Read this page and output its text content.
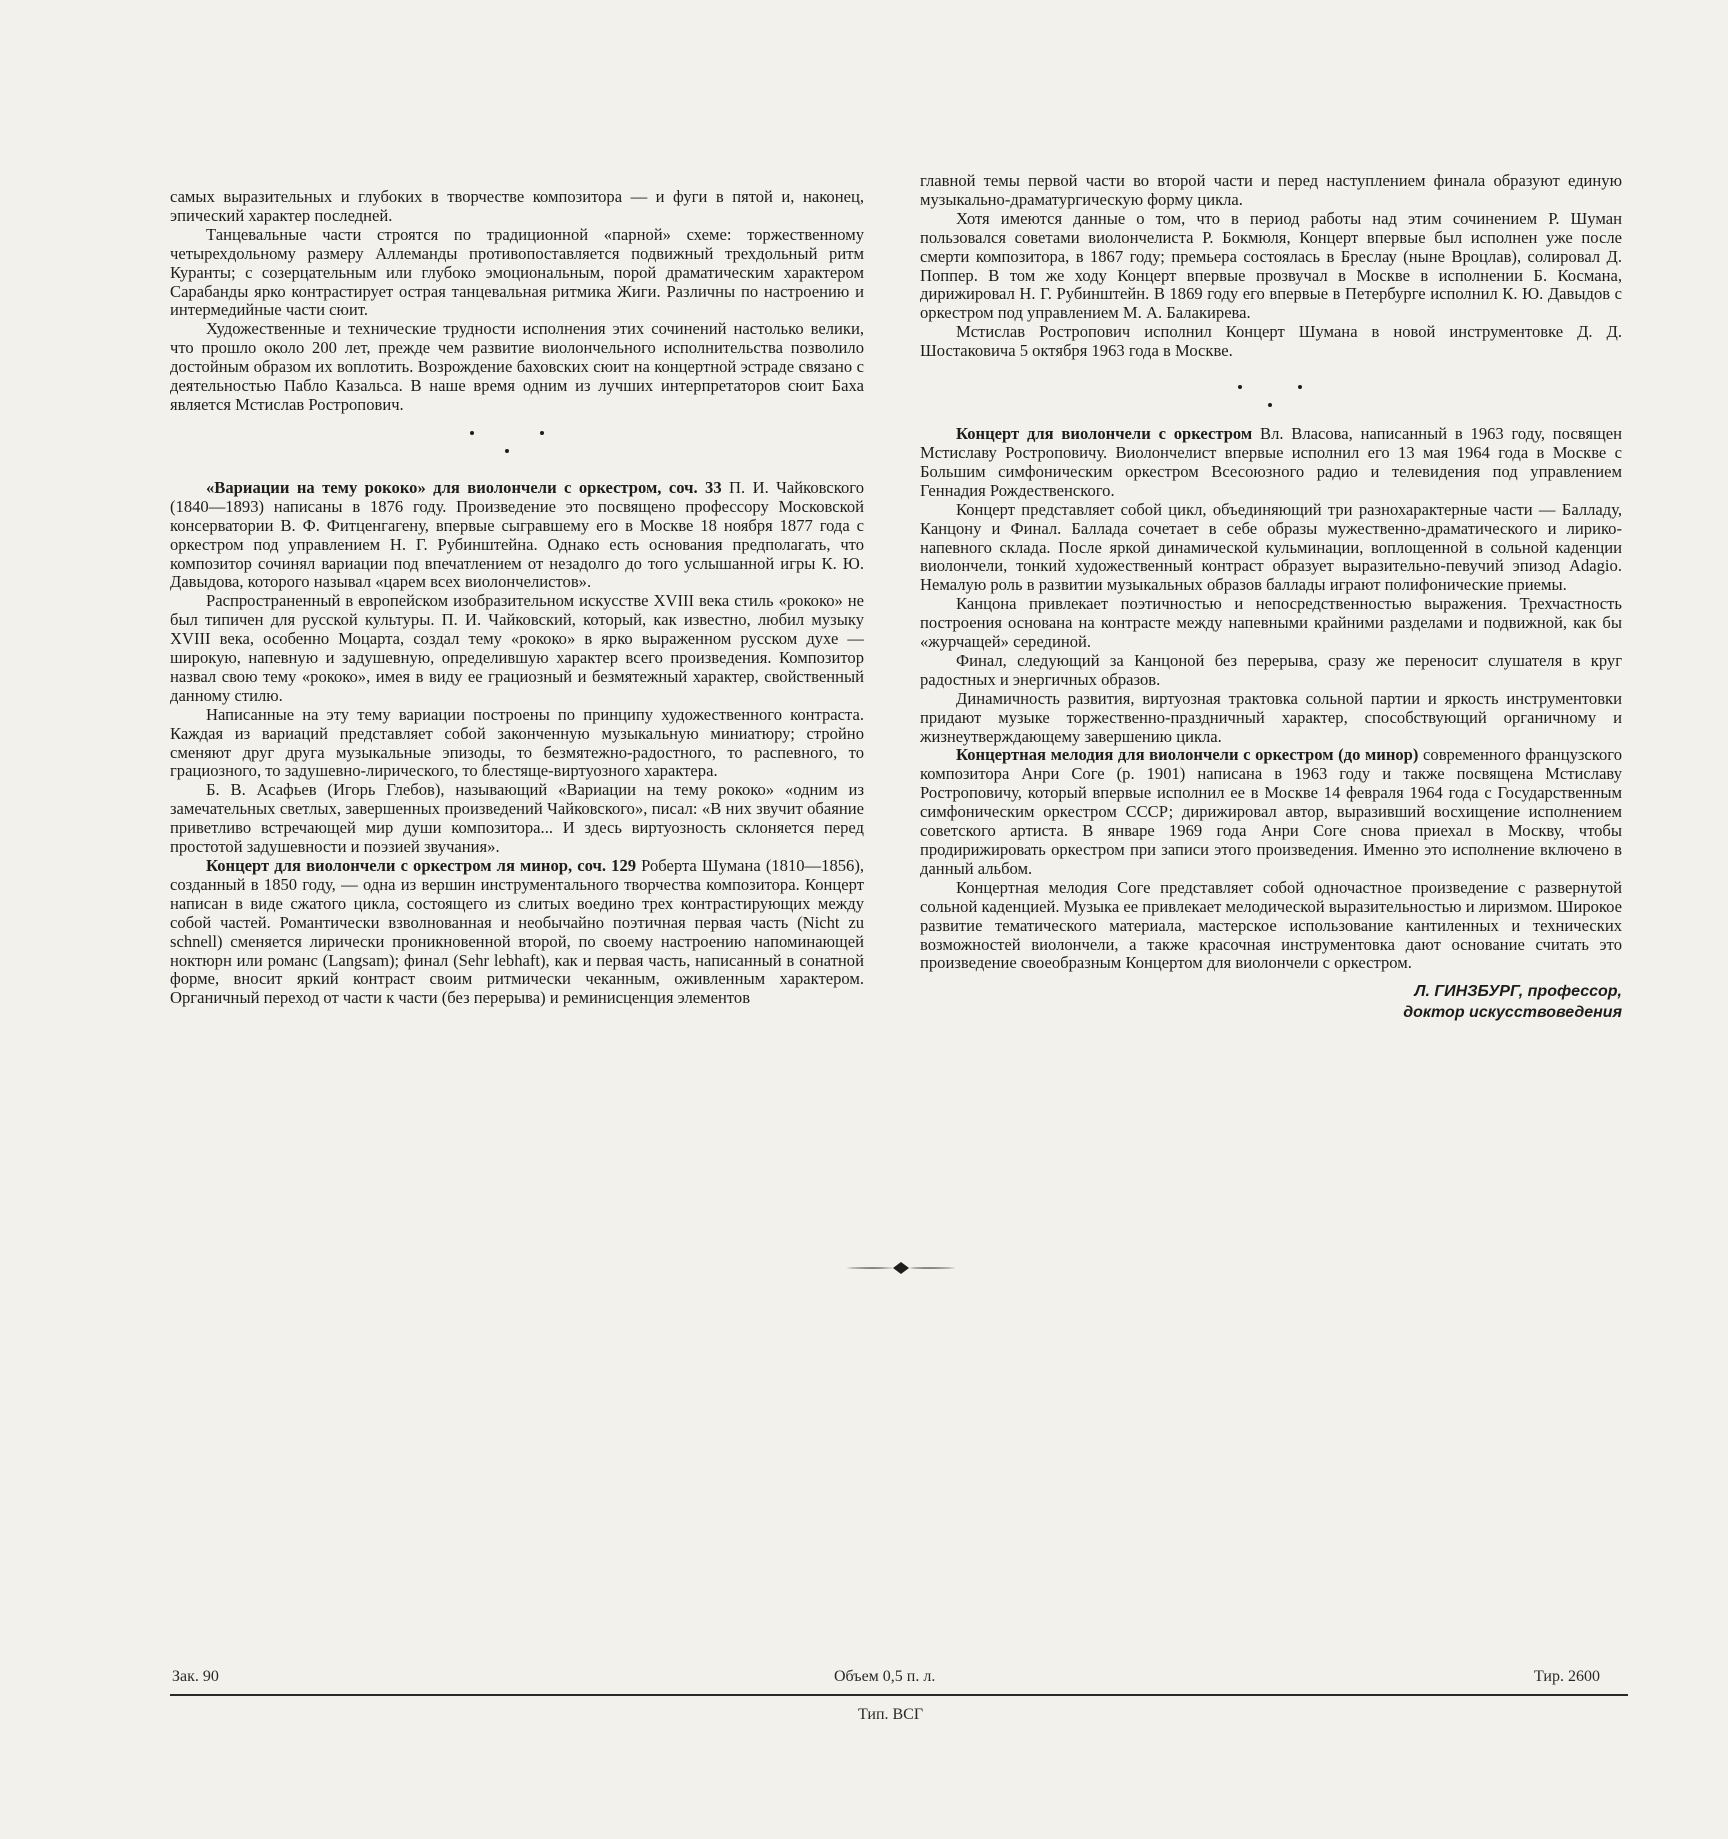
самых выразительных и глубоких в творчестве композитора — и фуги в пятой и, наконец, эпический характер последней.

Танцевальные части строятся по традиционной «парной» схеме: торжественному четырехдольному размеру Аллеманды противопоставляется подвижный трехдольный ритм Куранты; с созерцательным или глубоко эмоциональным, порой драматическим характером Сарабанды ярко контрастирует острая танцевальная ритмика Жиги. Различны по настроению и интермедийные части сюит.

Художественные и технические трудности исполнения этих сочинений настолько велики, что прошло около 200 лет, прежде чем развитие виолончельного исполнительства позволило достойным образом их воплотить. Возрождение баховских сюит на концертной эстраде связано с деятельностью Пабло Казальса. В наше время одним из лучших интерпретаторов сюит Баха является Мстислав Ростропович.

«Вариации на тему рококо» для виолончели с оркестром, соч. 33 П. И. Чайковского (1840—1893) написаны в 1876 году. Произведение это посвящено профессору Московской консерватории В. Ф. Фитценгагену, впервые сыгравшему его в Москве 18 ноября 1877 года с оркестром под управлением Н. Г. Рубинштейна. Однако есть основания предполагать, что композитор сочинял вариации под впечатлением от незадолго до того услышанной игры К. Ю. Давыдова, которого называл «царем всех виолончелистов».

Распространенный в европейском изобразительном искусстве XVIII века стиль «рококо» не был типичен для русской культуры. П. И. Чайковский, который, как известно, любил музыку XVIII века, особенно Моцарта, создал тему «рококо» в ярко выраженном русском духе — широкую, напевную и задушевную, определившую характер всего произведения. Композитор назвал свою тему «рококо», имея в виду ее грациозный и безмятежный характер, свойственный данному стилю.

Написанные на эту тему вариации построены по принципу художественного контраста. Каждая из вариаций представляет собой законченную музыкальную миниатюру; стройно сменяют друг друга музыкальные эпизоды, то безмятежно-радостного, то распевного, то грациозного, то задушевно-лирического, то блестяще-виртуозного характера.

Б. В. Асафьев (Игорь Глебов), называющий «Вариации на тему рококо» «одним из замечательных светлых, завершенных произведений Чайковского», писал: «В них звучит обаяние приветливо встречающей мир души композитора... И здесь виртуозность склоняется перед простотой задушевности и поэзией звучания».

Концерт для виолончели с оркестром ля минор, соч. 129 Роберта Шумана (1810—1856), созданный в 1850 году, — одна из вершин инструментального творчества композитора. Концерт написан в виде сжатого цикла, состоящего из слитых воедино трех контрастирующих между собой частей. Романтически взволнованная и необычайно поэтичная первая часть (Nicht zu schnell) сменяется лирически проникновенной второй, по своему настроению напоминающей ноктюрн или романс (Langsam); финал (Sehr lebhaft), как и первая часть, написанный в сонатной форме, вносит яркий контраст своим ритмически чеканным, оживленным характером. Органичный переход от части к части (без перерыва) и реминисценция элементов

главной темы первой части во второй части и перед наступлением финала образуют единую музыкально-драматургическую форму цикла.

Хотя имеются данные о том, что в период работы над этим сочинением Р. Шуман пользовался советами виолончелиста Р. Бокмюля, Концерт впервые был исполнен уже после смерти композитора, в 1867 году; премьера состоялась в Бреслау (ныне Вроцлав), солировал Д. Поппер. В том же ходу Концерт впервые прозвучал в Москве в исполнении Б. Космана, дирижировал Н. Г. Рубинштейн. В 1869 году его впервые в Петербурге исполнил К. Ю. Давыдов с оркестром под управлением М. А. Балакирева.

Мстислав Ростропович исполнил Концерт Шумана в новой инструментовке Д. Д. Шостаковича 5 октября 1963 года в Москве.

Концерт для виолончели с оркестром Вл. Власова, написанный в 1963 году, посвящен Мстиславу Ростроповичу. Виолончелист впервые исполнил его 13 мая 1964 года в Москве с Большим симфоническим оркестром Всесоюзного радио и телевидения под управлением Геннадия Рождественского.

Концерт представляет собой цикл, объединяющий три разнохарактерные части — Балладу, Канцону и Финал. Баллада сочетает в себе образы мужественно-драматического и лирико-напевного склада. После яркой динамической кульминации, воплощенной в сольной каденции виолончели, тонкий художественный контраст образует выразительно-певучий эпизод Adagio. Немалую роль в развитии музыкальных образов баллады играют полифонические приемы.

Канцона привлекает поэтичностью и непосредственностью выражения. Трехчастность построения основана на контрасте между напевными крайними разделами и подвижной, как бы «журчащей» серединой.

Финал, следующий за Канцоной без перерыва, сразу же переносит слушателя в круг радостных и энергичных образов.

Динамичность развития, виртуозная трактовка сольной партии и яркость инструментовки придают музыке торжественно-праздничный характер, способствующий органичному и жизнеутверждающему завершению цикла.

Концертная мелодия для виолончели с оркестром (до минор) современного французского композитора Анри Соге (р. 1901) написана в 1963 году и также посвящена Мстиславу Ростроповичу, который впервые исполнил ее в Москве 14 февраля 1964 года с Государственным симфоническим оркестром СССР; дирижировал автор, выразивший восхищение исполнением советского артиста. В январе 1969 года Анри Соге снова приехал в Москву, чтобы продирижировать оркестром при записи этого произведения. Именно это исполнение включено в данный альбом.

Концертная мелодия Соге представляет собой одночастное произведение с развернутой сольной каденцией. Музыка ее привлекает мелодической выразительностью и лиризмом. Широкое развитие тематического материала, мастерское использование кантиленных и технических возможностей виолончели, а также красочная инструментовка дают основание считать это произведение своеобразным Концертом для виолончели с оркестром.

Л. ГИНЗБУРГ, профессор,
доктор искусствоведения
Зак. 90	Объем 0,5 п. л.	Тир. 2600
Тип. ВСГ
